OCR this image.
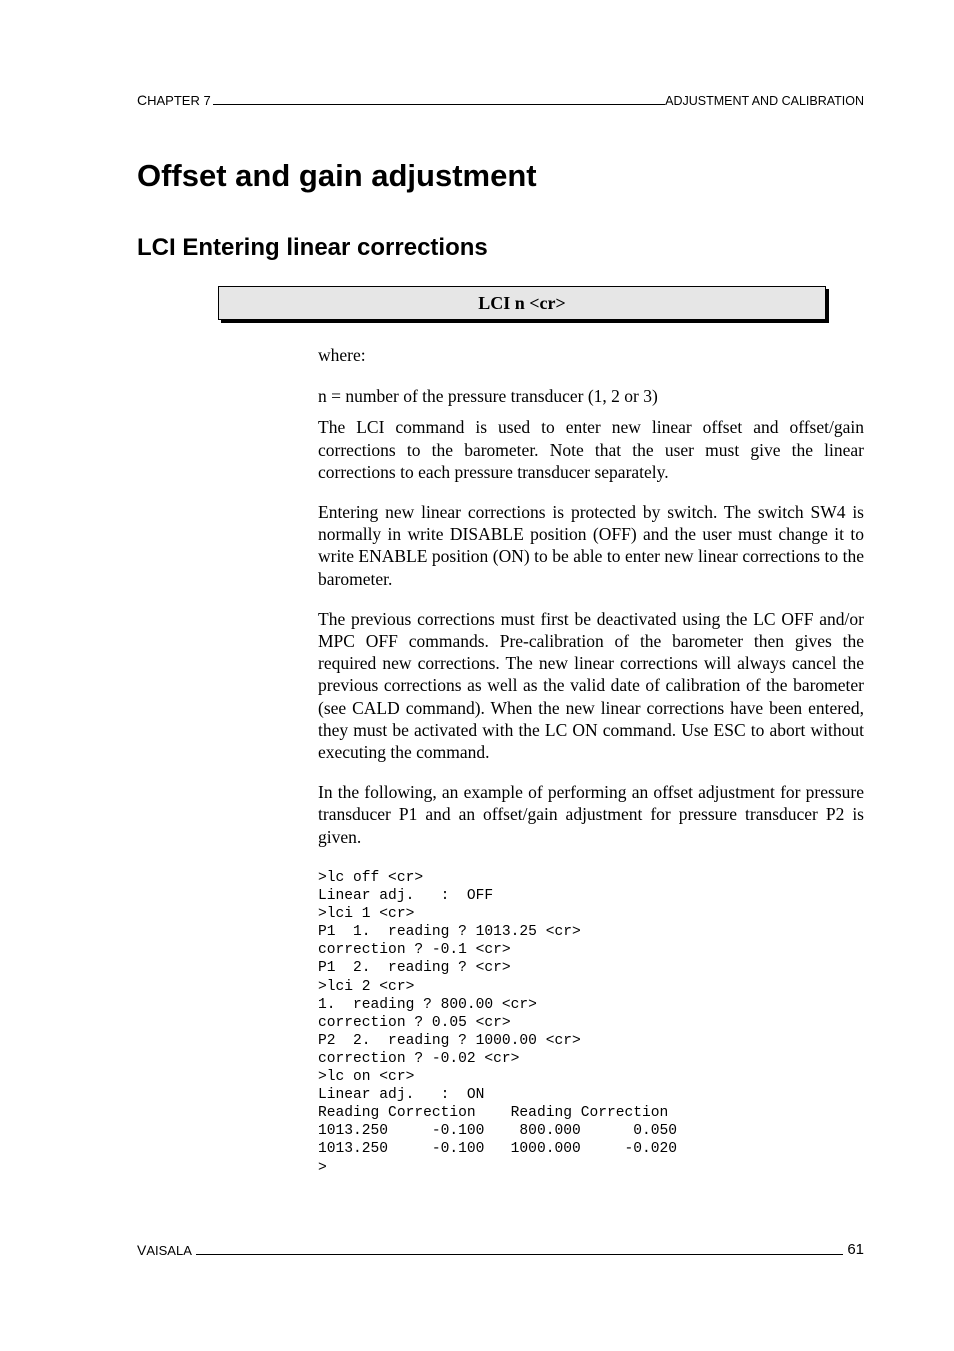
CHAPTER 7	ADJUSTMENT AND CALIBRATION
Offset and gain adjustment
LCI Entering linear corrections
LCI n <cr>

where:

n = number of the pressure transducer (1, 2 or 3)

The LCI command is used to enter new linear offset and offset/gain corrections to the barometer. Note that the user must give the linear corrections to each pressure transducer separately.

Entering new linear corrections is protected by switch. The switch SW4 is normally in write DISABLE position (OFF) and the user must change it to write ENABLE position (ON) to be able to enter new linear corrections to the barometer.

The previous corrections must first be deactivated using the LC OFF and/or MPC OFF commands. Pre-calibration of the barometer then gives the required new corrections. The new linear corrections will always cancel the previous corrections as well as the valid date of calibration of the barometer (see CALD command). When the new linear corrections have been entered, they must be activated with the LC ON command. Use ESC to abort without executing the command.

In the following, an example of performing an offset adjustment for pressure transducer P1 and an offset/gain adjustment for pressure transducer P2 is given.

>lc off <cr>
Linear adj.   :  OFF
>lci 1 <cr>
P1  1.  reading ? 1013.25 <cr>
correction ? -0.1 <cr>
P1  2.  reading ? <cr>
>lci 2 <cr>
1.  reading ? 800.00 <cr>
correction ? 0.05 <cr>
P2  2.  reading ? 1000.00 <cr>
correction ? -0.02 <cr>
>lc on <cr>
Linear adj.   :  ON
Reading Correction    Reading Correction
1013.250     -0.100    800.000      0.050
1013.250     -0.100   1000.000     -0.020
>
VAISALA	61
